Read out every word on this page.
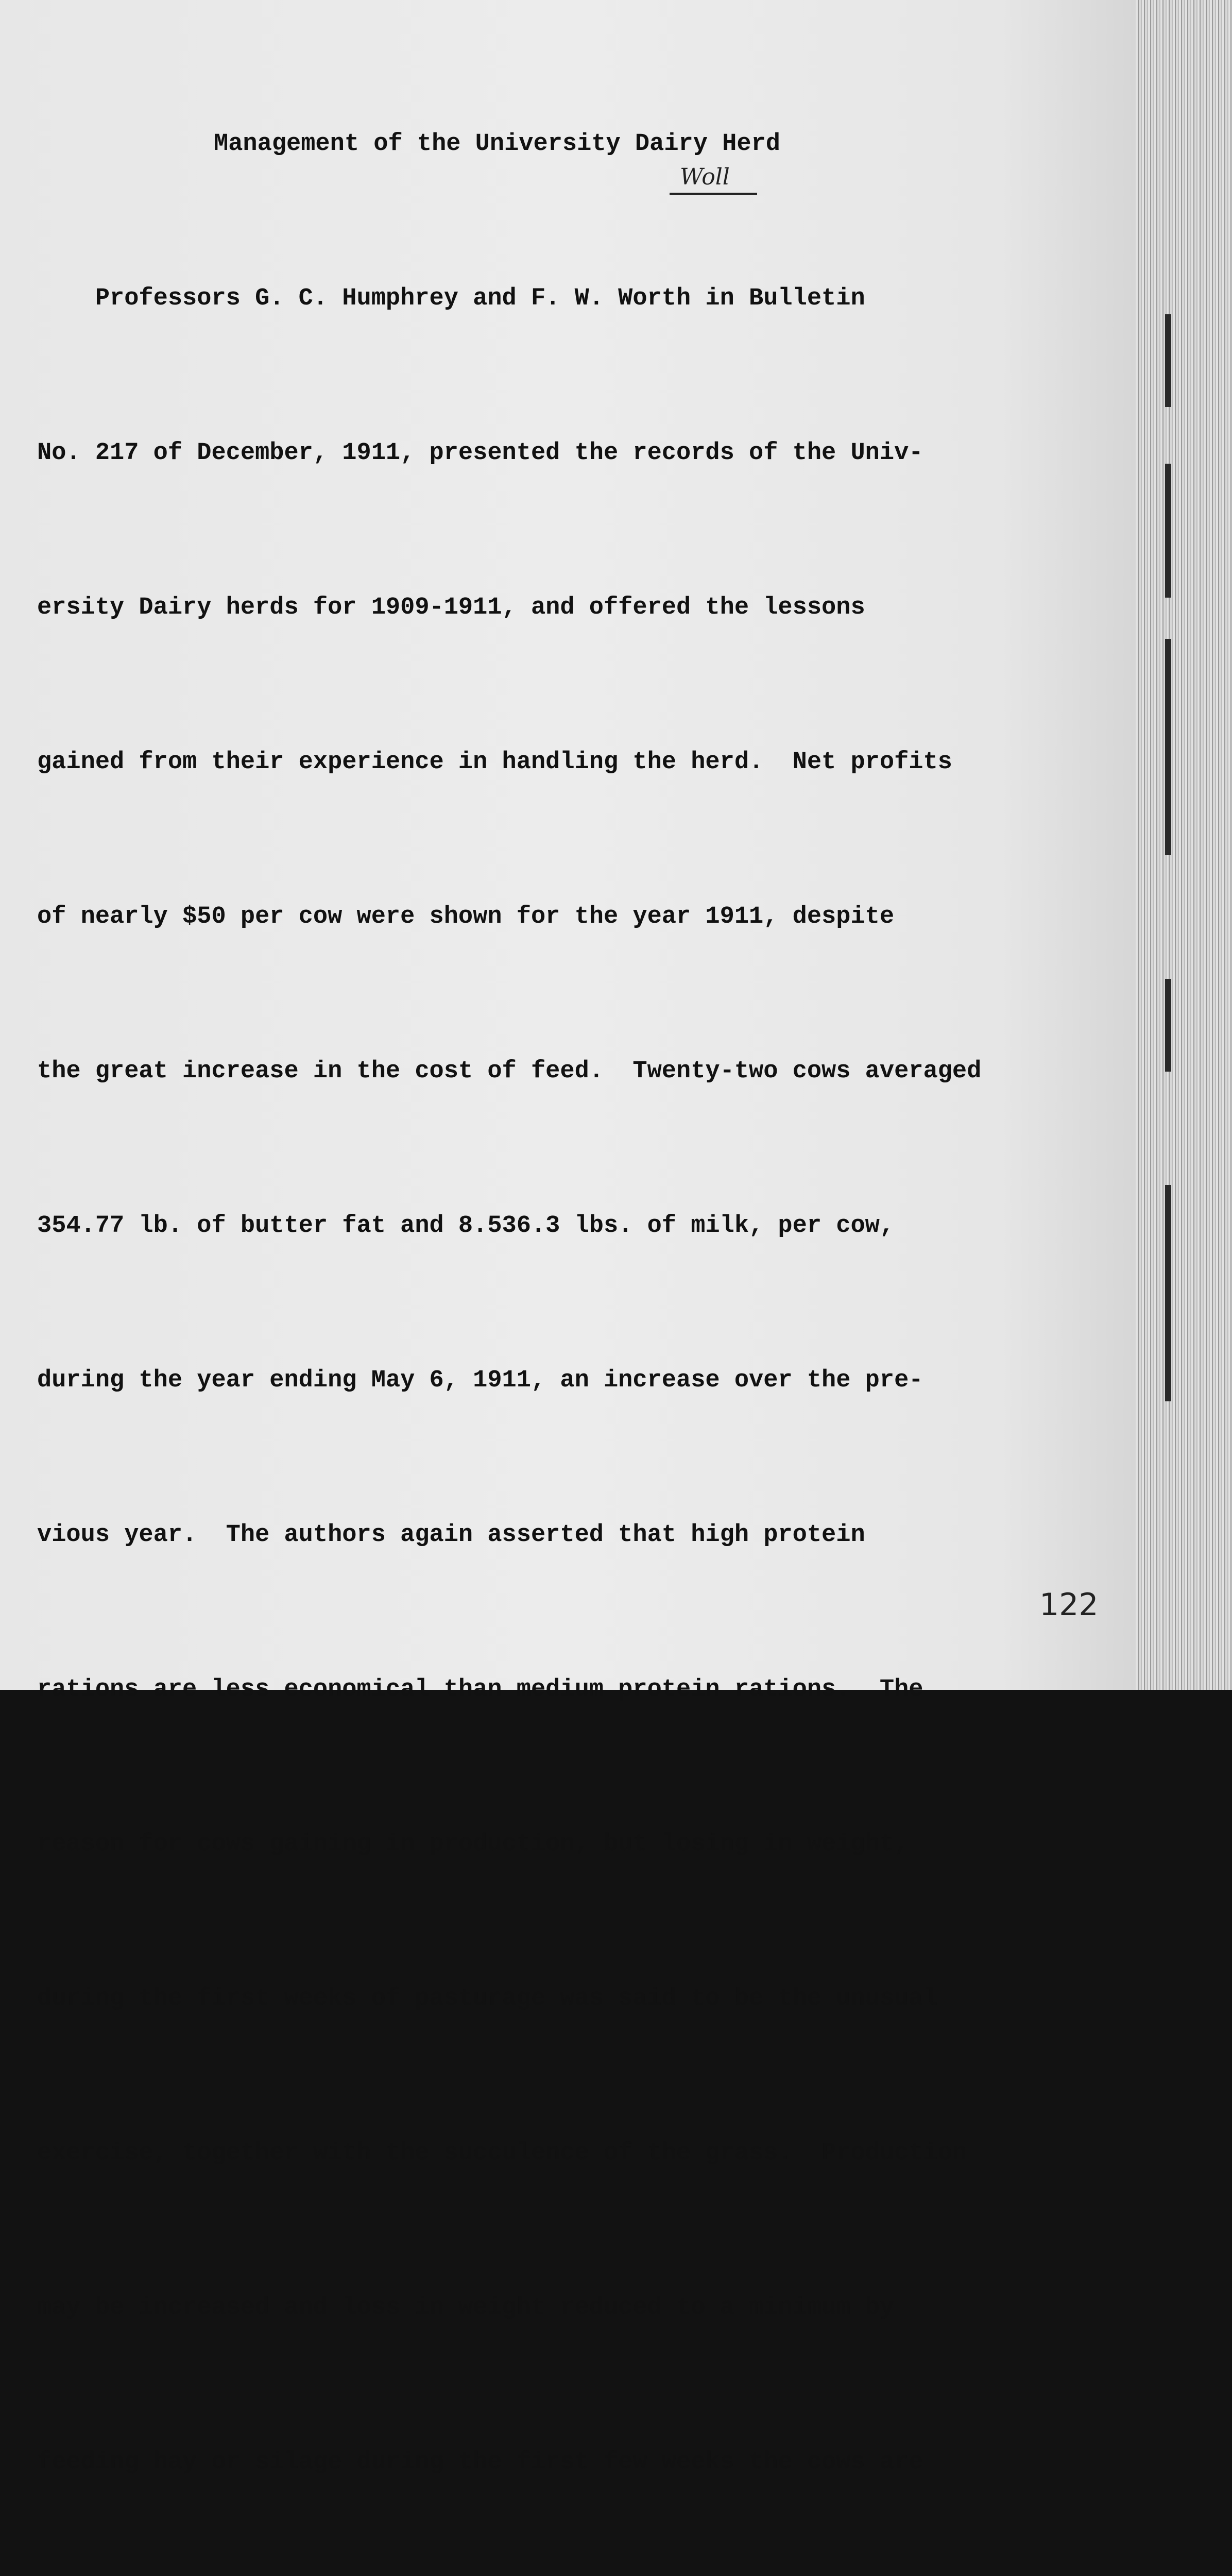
Management of the University Dairy Herd
Woll

Professors G. C. Humphrey and F. W. Worth in Bulletin

No. 217 of December, 1911, presented the records of the Univ-

ersity Dairy herds for 1909-1911, and offered the lessons

gained from their experience in handling the herd.  Net profits

of nearly $50 per cow were shown for the year 1911, despite

the great increase in the cost of feed.  Twenty-two cows averaged

354.77 lb. of butter fat and 8.536.3 lbs. of milk, per cow,

during the year ending May 6, 1911, an increase over the pre-

vious year.  The authors again asserted that high protein

rations are less economical than medium protein rations.  The

reason for cows gaining in production, but losing in weight,

during the first weeks of pasturage was said to be the unusual

exercise, together with the succulence of the grass.  Production

may be increased and loss in weight reduced to a minimum by

feeding hay or silage during the first few weeks the cows are

122
